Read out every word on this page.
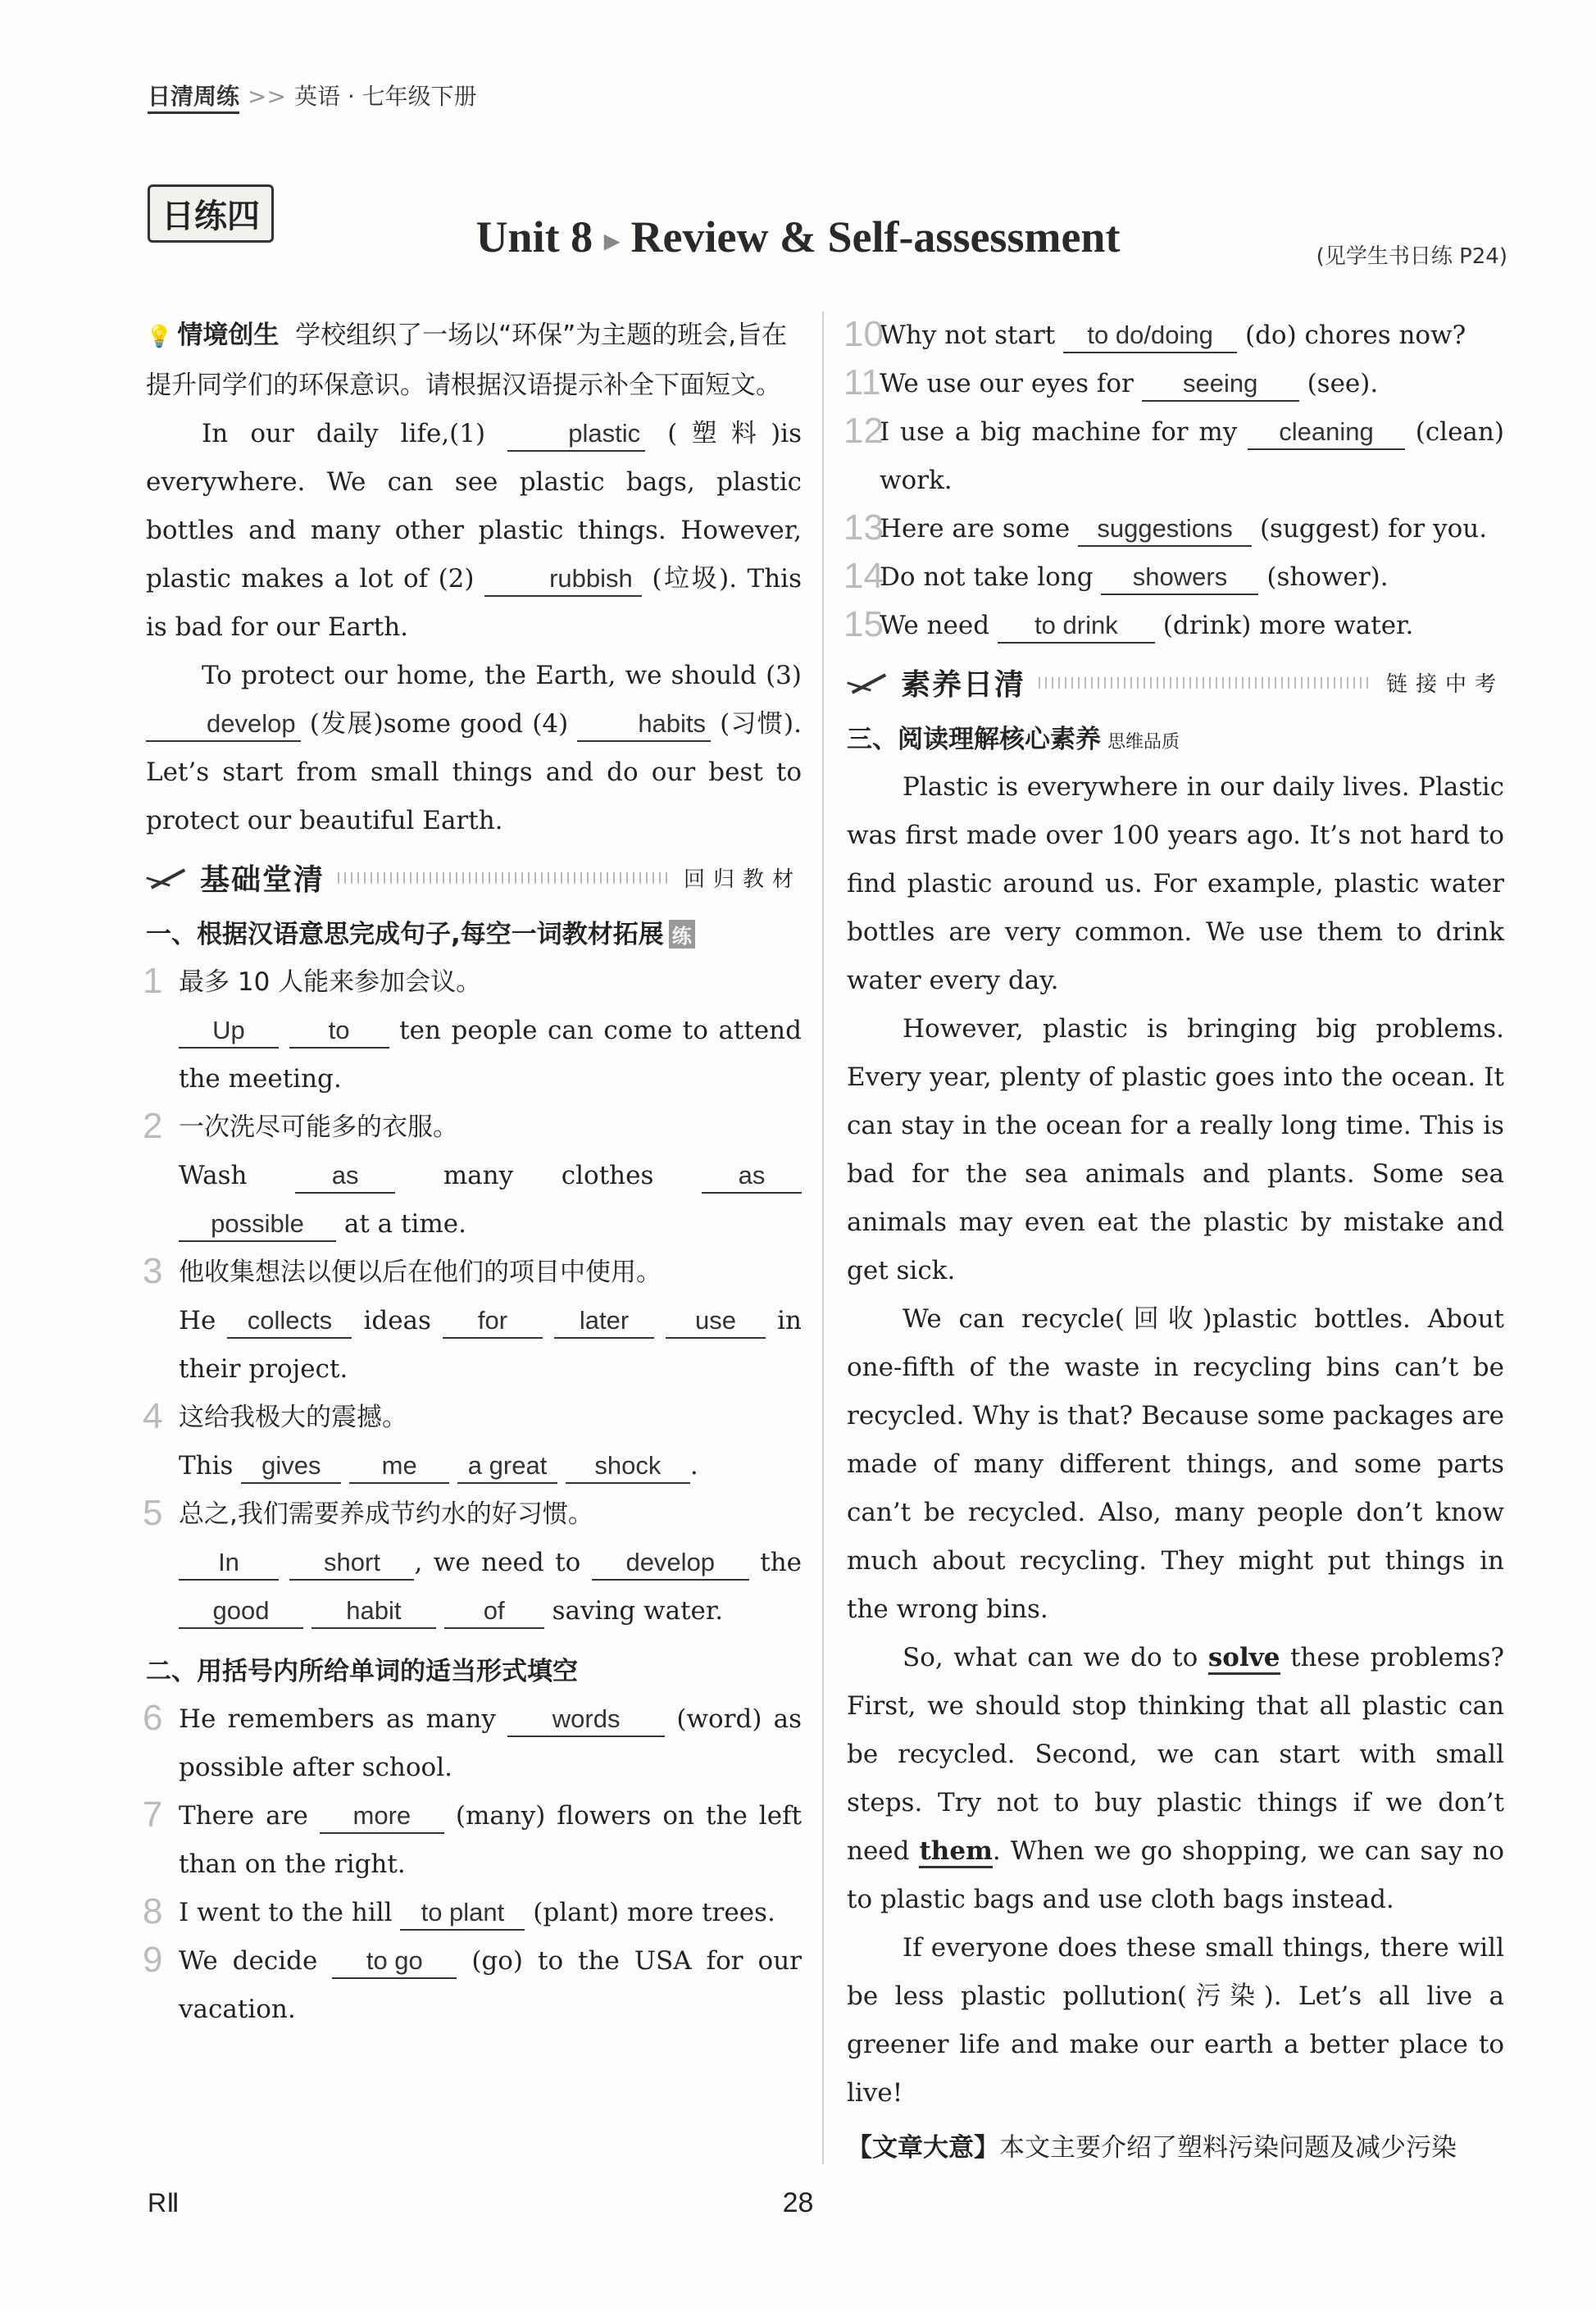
日清周练 >> 英语 · 七年级下册
日练四	Unit 8 ▶ Review & Self-assessment	(见学生书日练 P24)

💡 情境创生 学校组织了一场以“环保”为主题的班会,旨在提升同学们的环保意识。请根据汉语提示补全下面短文。

In our daily life,(1)	plastic (塑料)is everywhere. We can see plastic bags, plastic bottles and many other plastic things. However, plastic makes a lot of (2)	rubbish (垃圾). This is bad for our Earth.

To protect our home, the Earth, we should (3) develop (发展)some good (4)	habits (习惯). Let’s start from small things and do our best to protect our beautiful Earth.

基础堂清	回归教材
一、根据汉语意思完成句子,每空一词教材拓展 练
1 最多 10 人能来参加会议。

Up	to ten people can come to attend the meeting.

2 一次洗尽可能多的衣服。

Wash	as	many clothes	as possible at a time.

3 他收集想法以便以后在他们的项目中使用。

He collects ideas for	later	use in their project.

4 这给我极大的震撼。

This gives me a great shock .

5 总之,我们需要养成节约水的好习惯。

In	short , we need to develop the good	habit	of saving water.

二、用括号内所给单词的适当形式填空
6 He remembers as many words (word) as possible after school.

7 There are more (many) flowers on the left than on the right.

8 I went to the hill to plant (plant) more trees.

9 We decide to go (go) to the USA for our vacation.

10

Why not start to do/doing (do) chores now?

11

We use our eyes for seeing (see).

12

I use a big machine for my cleaning (clean) work.

13

Here are some suggestions (suggest) for you.

14

Do not take long showers (shower).

15

We need to drink (drink) more water.

素养日清	链接中考
三、阅读理解核心素养 思维品质

Plastic is everywhere in our daily lives. Plastic was first made over 100 years ago. It’s not hard to find plastic around us. For example, plastic water bottles are very common. We use them to drink water every day.

However, plastic is bringing big problems. Every year, plenty of plastic goes into the ocean. It can stay in the ocean for a really long time. This is bad for the sea animals and plants. Some sea animals may even eat the plastic by mistake and get sick.

We can recycle(回收)plastic bottles. About one-fifth of the waste in recycling bins can’t be recycled. Why is that? Because some packages are made of many different things, and some parts can’t be recycled. Also, many people don’t know much about recycling. They might put things in the wrong bins.

So, what can we do to solve these problems? First, we should stop thinking that all plastic can be recycled. Second, we can start with small steps. Try not to buy plastic things if we don’t need them. When we go shopping, we can say no to plastic bags and use cloth bags instead.

If everyone does these small things, there will be less plastic pollution(污染). Let’s all live a greener life and make our earth a better place to live!

【文章大意】本文主要介绍了塑料污染问题及减少污染
RⅡ	28
